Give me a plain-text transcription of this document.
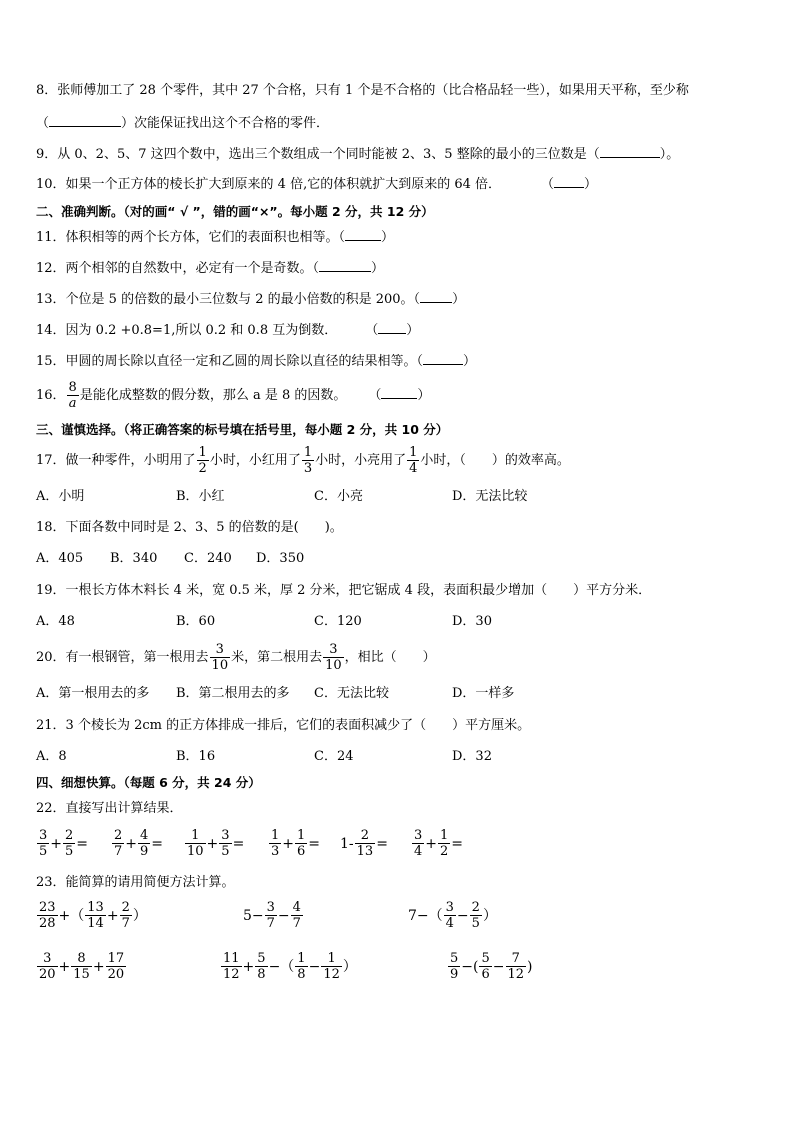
8．张师傅加工了 28 个零件，其中 27 个合格，只有 1 个是不合格的（比合格品轻一些），如果用天平称，至少称
（	）次能保证找出这个不合格的零件．
9．从 0、2、5、7 这四个数中，选出三个数组成一个同时能被 2、3、5 整除的最小的三位数是（	）。
10．如果一个正方体的棱长扩大到原来的 4 倍,它的体积就扩大到原来的 64 倍．	（ ）
二、准确判断。（对的画“ √ ”，错的画“×”。每小题 2 分，共 12 分）
11．体积相等的两个长方体，它们的表面积也相等。（	）
12．两个相邻的自然数中，必定有一个是奇数。（	）
13．个位是 5 的倍数的最小三位数与 2 的最小倍数的积是 200。（ ）
14．因为 0.2 +0.8=1,所以 0.2 和 0.8 互为倒数． （ ）
15．甲圆的周长除以直径一定和乙圆的周长除以直径的结果相等。（	）
16． $\frac{8}{a}$ 是能化成整数的假分数，那么 a 是 8 的因数。 （	）
三、谨慎选择。（将正确答案的标号填在括号里，每小题 2 分，共 10 分）
17．做一种零件，小明用了 $\frac{1}{2}$ 小时，小红用了 $\frac{1}{3}$ 小时，小亮用了 $\frac{1}{4}$ 小时，（　　）的效率高。
A．小明	B．小红	C．小亮	D．无法比较
18．下面各数中同时是 2、3、5 的倍数的是(　　)。
A．405 B．340 C．240 D．350
19．一根长方体木料长 4 米，宽 0.5 米，厚 2 分米，把它锯成 4 段，表面积最少增加（　　）平方分米．
A．48	B．60	C．120	D．30
20．有一根钢管，第一根用去 $\frac{3}{10}$ 米，第二根用去 $\frac{3}{10}$ ，相比（　　）
A．第一根用去的多 B．第二根用去的多 C．无法比较	D．一样多
21．3 个棱长为 2cm 的正方体排成一排后，它们的表面积减少了（　　）平方厘米。
A．8	B．16	C．24	D．32
四、细想快算。（每题 6 分，共 24 分）
22．直接写出计算结果．
$\frac{3}{5} + \frac{2}{5} = \frac{2}{7} + \frac{4}{9} = \frac{1}{10} + \frac{3}{5} = \frac{1}{3} + \frac{1}{6} = 1- \frac{2}{13} = \frac{3}{4} + \frac{1}{2}$ =
23．能简算的请用简便方法计算。
$\frac{23}{28}$ +（ $\frac{13}{14} + \frac{2}{7}$ ）	$5- \frac{3}{7} - \frac{4}{7}$	$7-( \frac{3}{4} - \frac{2}{5}$ ）
$\frac{3}{20} + \frac{8}{15} + \frac{17}{20}$	$\frac{11}{12} + \frac{5}{8}$ −（ $\frac{1}{8} - \frac{1}{12}$ ）	$\frac{5}{9}$ −( $\frac{5}{6} - \frac{7}{12}$ )
